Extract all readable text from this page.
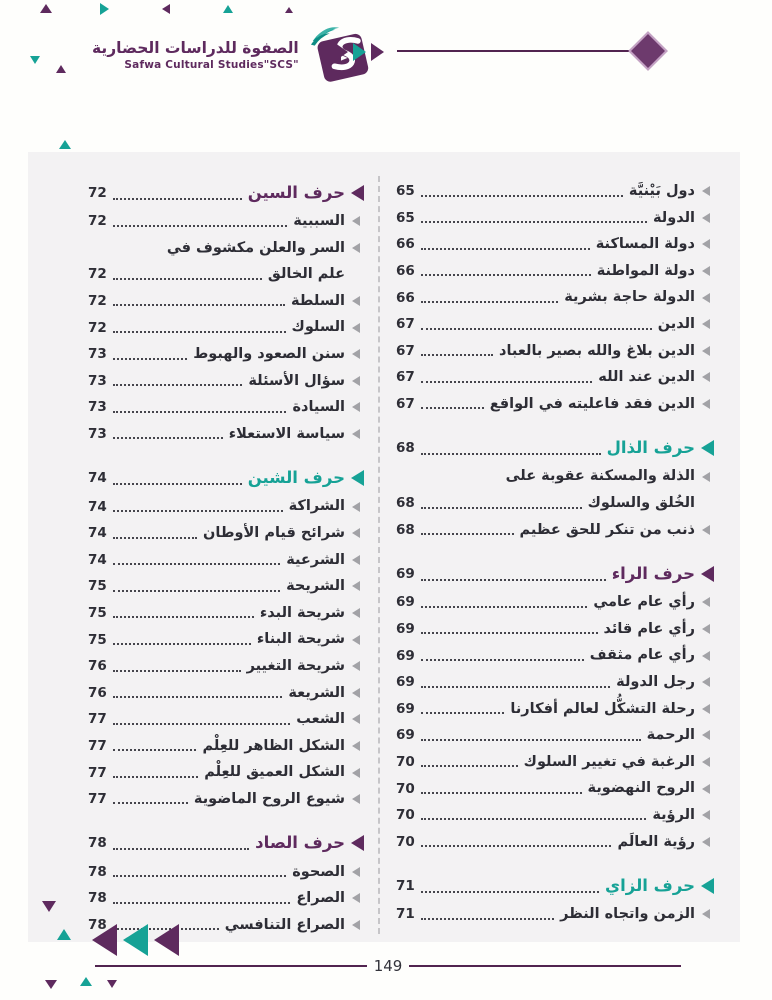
الصفوة للدراسات الحضارية
Safwa Cultural Studies"SCS"
دول بَيْنيَّة
65
الدولة
65
دولة المساكنة
66
دولة المواطنة
66
الدولة حاجة بشرية
66
الدين
67
الدين بلاغ والله بصير بالعباد
67
الدين عند الله
67
الدين فقد فاعليته في الواقع
67
حرف الذال
68
الذلة والمسكنة عقوبة على
الخُلق والسلوك
68
ذنب من تنكر للحق عظيم
68
حرف الراء
69
رأي عام عامي
69
رأي عام قائد
69
رأي عام مثقف
69
رجل الدولة
69
رحلة التشكُّل لعالم أفكارنا
69
الرحمة
69
الرغبة في تغيير السلوك
70
الروح النهضوية
70
الرؤية
70
رؤية العالَم
70
حرف الزاي
71
الزمن واتجاه النظر
71
حرف السين
72
السببية
72
السر والعلن مكشوف في
علم الخالق
72
السلطة
72
السلوك
72
سنن الصعود والهبوط
73
سؤال الأسئلة
73
السيادة
73
سياسة الاستعلاء
73
حرف الشين
74
الشراكة
74
شرائح قيام الأوطان
74
الشرعية
74
الشريحة
75
شريحة البدء
75
شريحة البناء
75
شريحة التغيير
76
الشريعة
76
الشعب
77
الشكل الظاهر للعِلْم
77
الشكل العميق للعِلْم
77
شيوع الروح الماضوية
77
حرف الصاد
78
الصحوة
78
الصراع
78
الصراع التنافسي
78
149
